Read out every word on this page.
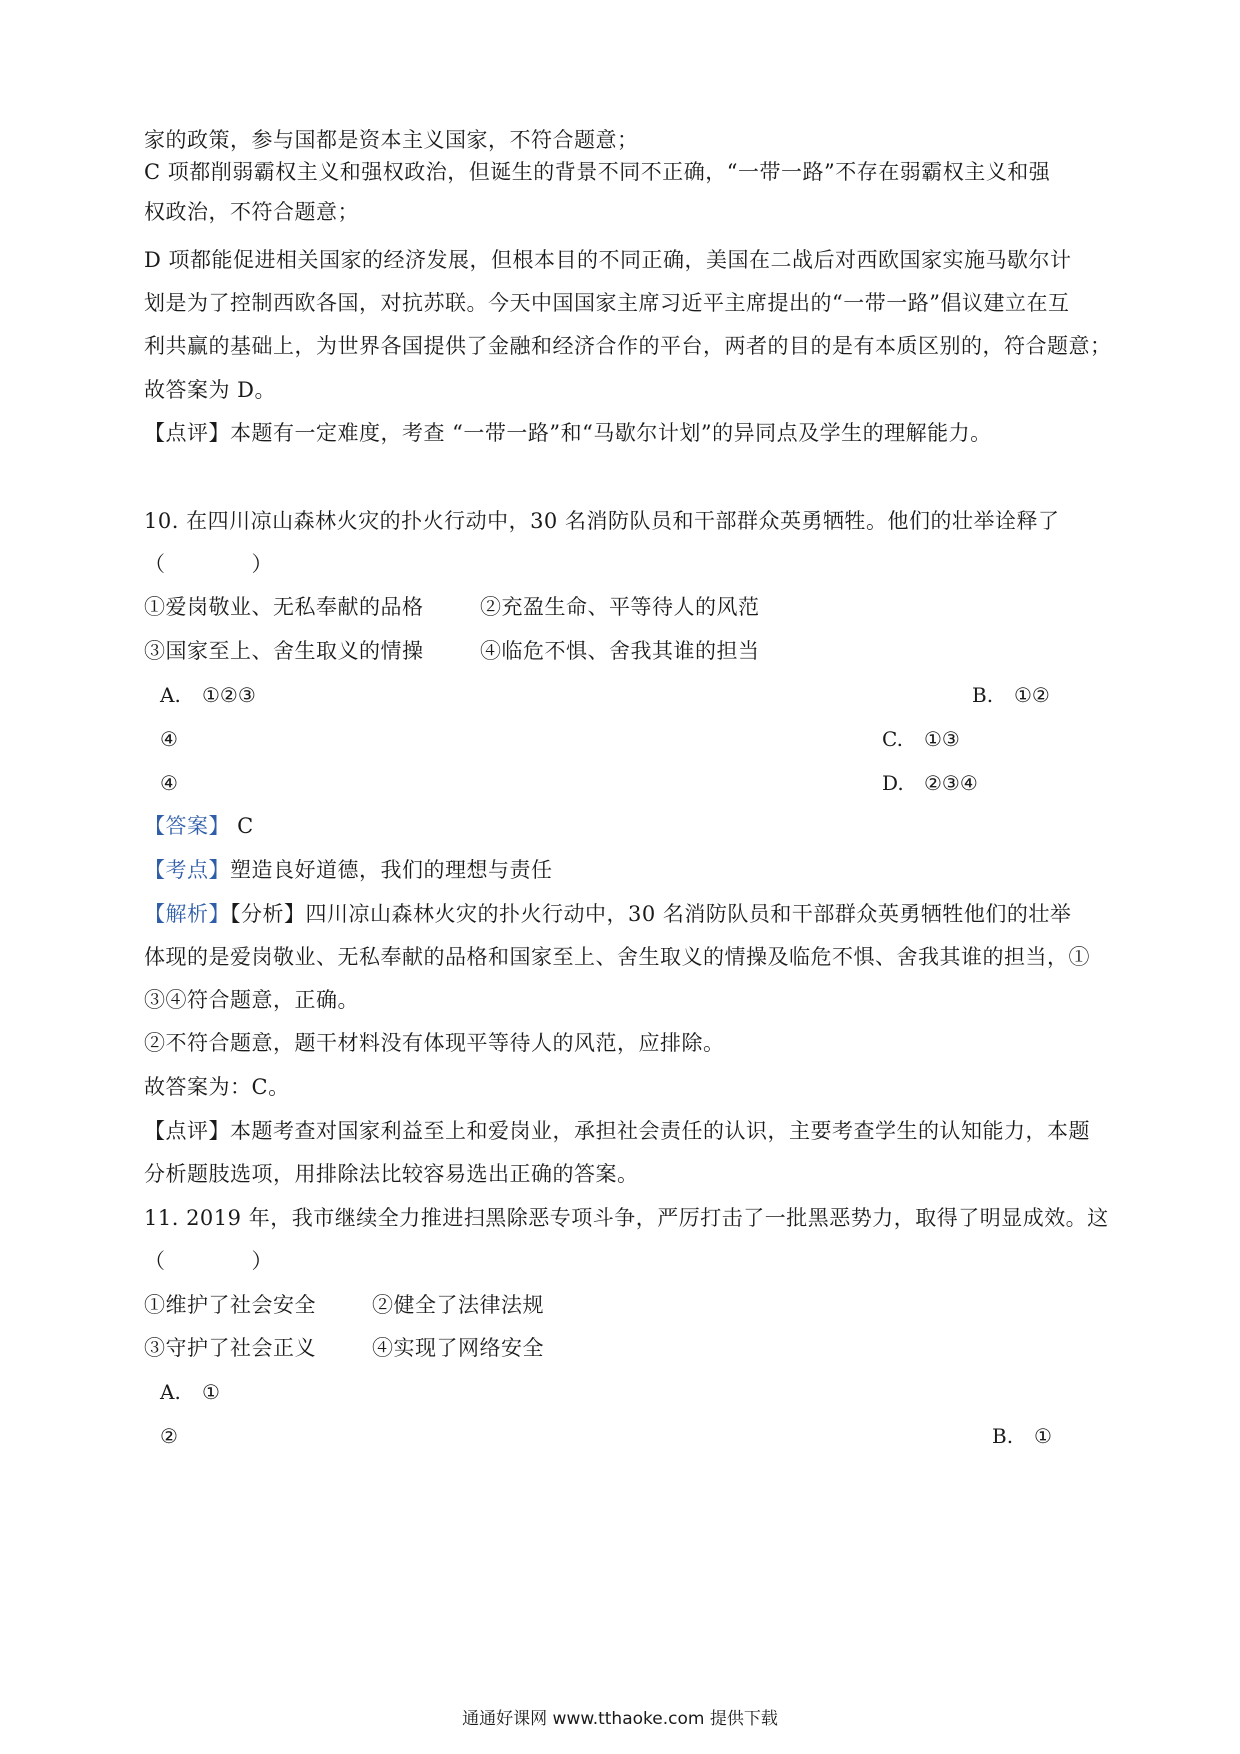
家的政策，参与国都是资本主义国家，不符合题意；
C 项都削弱霸权主义和强权政治，但诞生的背景不同不正确，“一带一路”不存在弱霸权主义和强
权政治，不符合题意；
D 项都能促进相关国家的经济发展，但根本目的不同正确，美国在二战后对西欧国家实施马歇尔计
划是为了控制西欧各国，对抗苏联。今天中国国家主席习近平主席提出的“一带一路”倡议建立在互
利共赢的基础上，为世界各国提供了金融和经济合作的平台，两者的目的是有本质区别的，符合题意；
故答案为 D。
【点评】本题有一定难度，考查 “一带一路”和“马歇尔计划”的异同点及学生的理解能力。
10. 在四川凉山森林火灾的扑火行动中，30 名消防队员和干部群众英勇牺牲。他们的壮举诠释了
（　　　　）
①爱岗敬业、无私奉献的品格	②充盈生命、平等待人的风范
③国家至上、舍生取义的情操	④临危不惧、舍我其谁的担当
A. ①②③	B. ①②
④	C. ①③
④	D. ②③④
【答案】 C
【考点】塑造良好道德，我们的理想与责任
【解析】【分析】四川凉山森林火灾的扑火行动中，30 名消防队员和干部群众英勇牺牲他们的壮举
体现的是爱岗敬业、无私奉献的品格和国家至上、舍生取义的情操及临危不惧、舍我其谁的担当，①
③④符合题意，正确。
②不符合题意，题干材料没有体现平等待人的风范，应排除。
故答案为：C。
【点评】本题考查对国家利益至上和爱岗业，承担社会责任的认识，主要考查学生的认知能力，本题
分析题肢选项，用排除法比较容易选出正确的答案。
11. 2019 年，我市继续全力推进扫黑除恶专项斗争，严厉打击了一批黑恶势力，取得了明显成效。这
（　　　　）
①维护了社会安全	②健全了法律法规
③守护了社会正义	④实现了网络安全
A. ①
②	B. ①
通通好课网 www.tthaoke.com 提供下载
